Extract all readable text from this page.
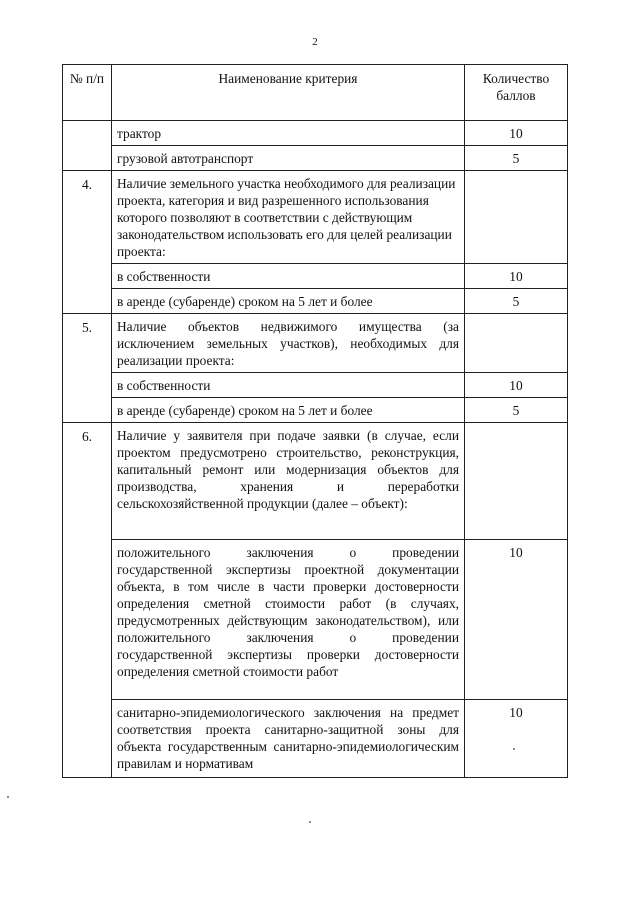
2
№ п/п	Наименование критерия	Количество баллов
	трактор	10
	грузовой автотранспорт	5
4.	Наличие земельного участка необходимого для реализации проекта, категория и вид разрешенного использования которого позволяют в соответствии с действующим законодательством использовать его для целей реализации проекта:	
	в собственности	10
	в аренде (субаренде) сроком на 5 лет и более	5
5.	Наличие объектов недвижимого имущества (за исключением земельных участков), необходимых для реализации проекта:	
	в собственности	10
	в аренде (субаренде) сроком на 5 лет и более	5
6.	Наличие у заявителя при подаче заявки (в случае, если проектом предусмотрено строительство, реконструкция, капитальный ремонт или модернизация объектов для производства, хранения и переработки сельскохозяйственной продукции (далее – объект):	
	положительного заключения о проведении государственной экспертизы проектной документации объекта, в том числе в части проверки достоверности определения сметной стоимости работ (в случаях, предусмотренных действующим законодательством), или положительного заключения о проведении государственной экспертизы проверки достоверности определения сметной стоимости работ	10
	санитарно-эпидемиологического заключения на предмет соответствия проекта санитарно-защитной зоны для объекта государственным санитарно-эпидемиологическим правилам и нормативам	10
